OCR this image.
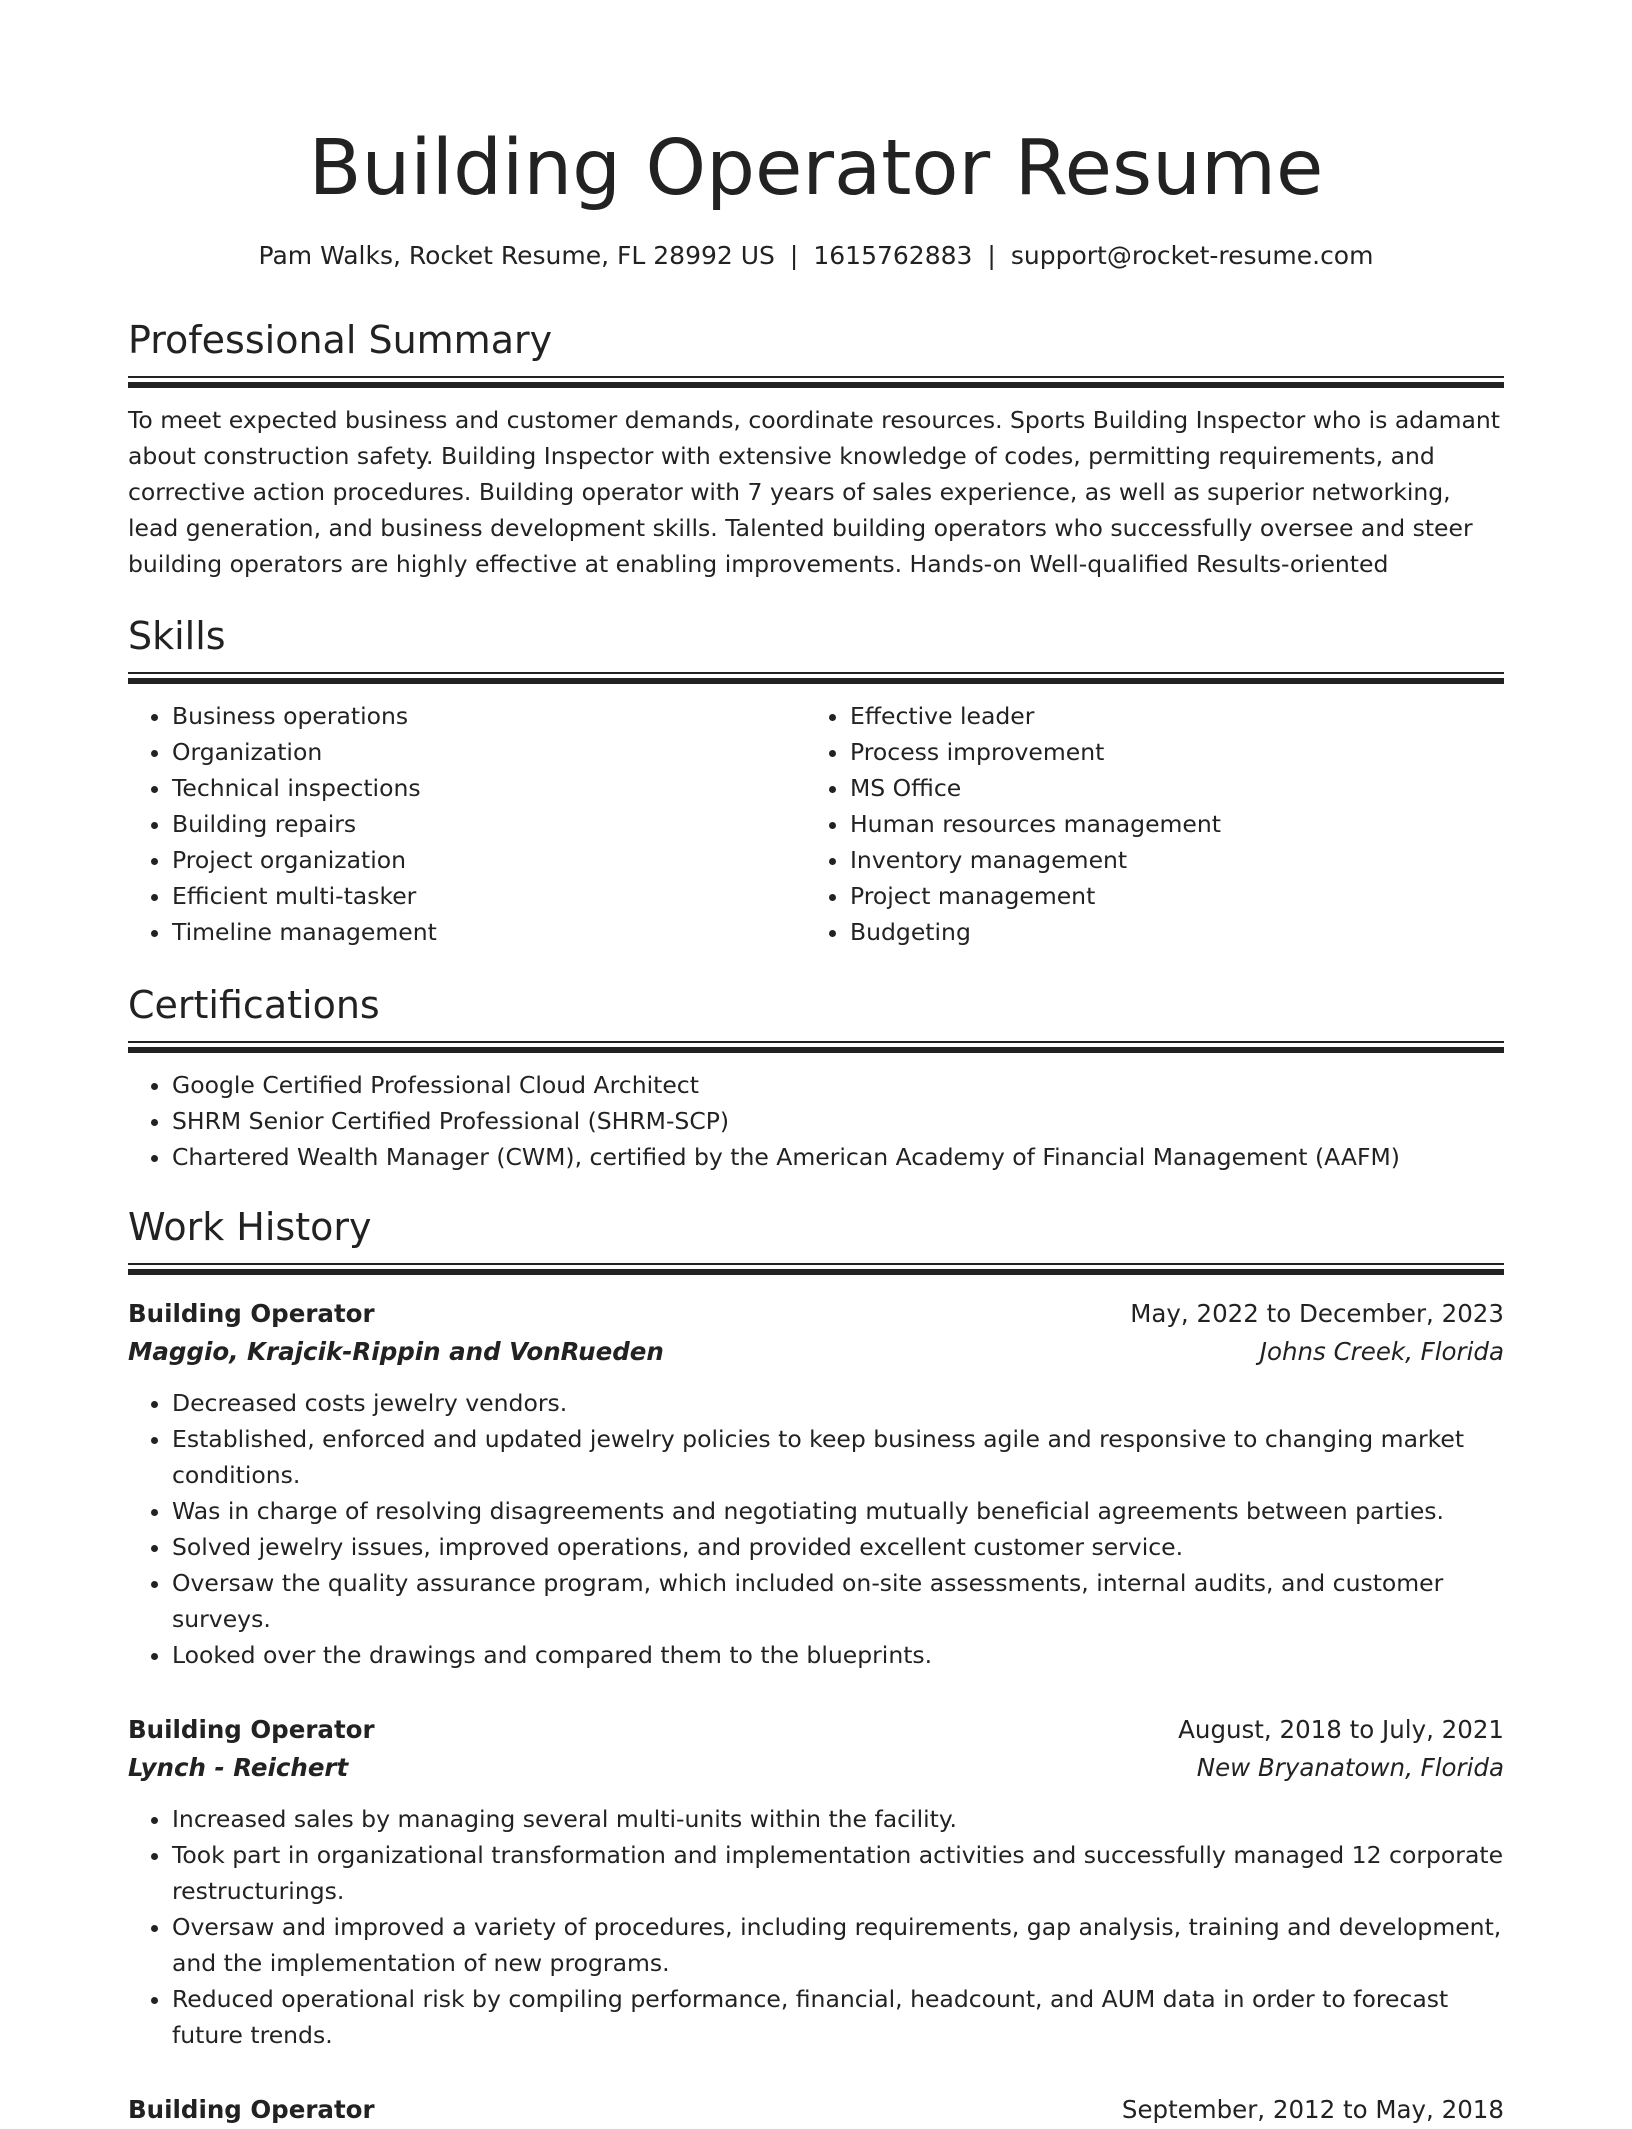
Building Operator Resume
Pam Walks, Rocket Resume, FL 28992 US | 1615762883 | support@rocket-resume.com
Professional Summary
To meet expected business and customer demands, coordinate resources. Sports Building Inspector who is adamant about construction safety. Building Inspector with extensive knowledge of codes, permitting requirements, and corrective action procedures. Building operator with 7 years of sales experience, as well as superior networking, lead generation, and business development skills. Talented building operators who successfully oversee and steer building operators are highly effective at enabling improvements. Hands-on Well-qualified Results-oriented
Skills
• Business operations
• Organization
• Technical inspections
• Building repairs
• Project organization
• Efficient multi-tasker
• Timeline management
• Effective leader
• Process improvement
• MS Office
• Human resources management
• Inventory management
• Project management
• Budgeting
Certifications
• Google Certified Professional Cloud Architect
• SHRM Senior Certified Professional (SHRM-SCP)
• Chartered Wealth Manager (CWM), certified by the American Academy of Financial Management (AAFM)
Work History
Building Operator	May, 2022 to December, 2023
Maggio, Krajcik-Rippin and VonRueden	Johns Creek, Florida
• Decreased costs jewelry vendors.
• Established, enforced and updated jewelry policies to keep business agile and responsive to changing market conditions.
• Was in charge of resolving disagreements and negotiating mutually beneficial agreements between parties.
• Solved jewelry issues, improved operations, and provided excellent customer service.
• Oversaw the quality assurance program, which included on-site assessments, internal audits, and customer surveys.
• Looked over the drawings and compared them to the blueprints.
Building Operator	August, 2018 to July, 2021
Lynch - Reichert	New Bryanatown, Florida
• Increased sales by managing several multi-units within the facility.
• Took part in organizational transformation and implementation activities and successfully managed 12 corporate restructurings.
• Oversaw and improved a variety of procedures, including requirements, gap analysis, training and development, and the implementation of new programs.
• Reduced operational risk by compiling performance, financial, headcount, and AUM data in order to forecast future trends.
Building Operator	September, 2012 to May, 2018
